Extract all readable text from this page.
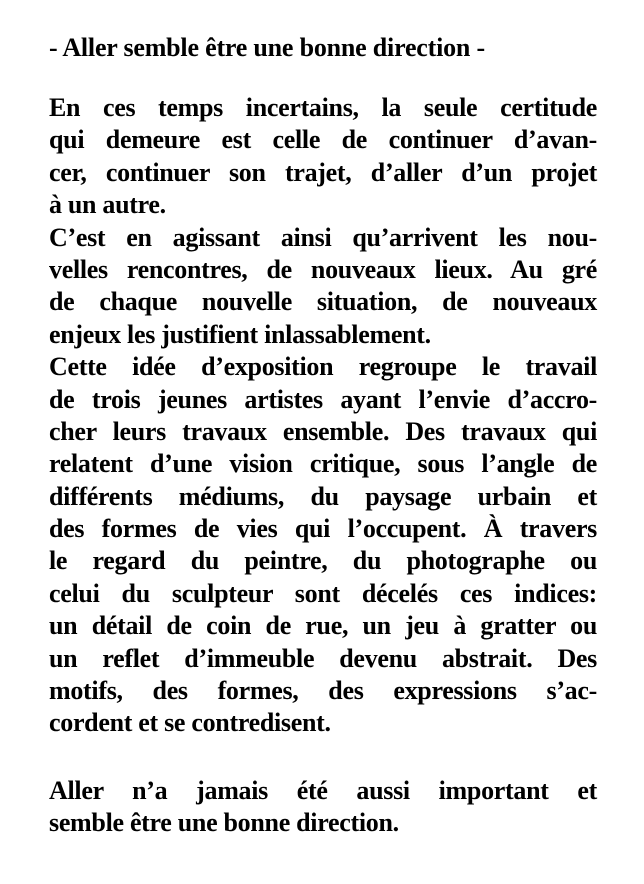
- Aller semble être une bonne direction -
En ces temps incertains, la seule certitude
qui demeure est celle de continuer d’avan-
cer, continuer son trajet, d’aller d’un projet
à un autre.
C’est en agissant ainsi qu’arrivent les nou-
velles rencontres, de nouveaux lieux. Au gré
de chaque nouvelle situation, de nouveaux
enjeux les justifient inlassablement.
Cette idée d’exposition regroupe le travail
de trois jeunes artistes ayant l’envie d’accro-
cher leurs travaux ensemble. Des travaux qui
relatent d’une vision critique, sous l’angle de
différents médiums, du paysage urbain et
des formes de vies qui l’occupent. À travers
le regard du peintre, du photographe ou
celui du sculpteur sont décelés ces indices:
un détail de coin de rue, un jeu à gratter ou
un reflet d’immeuble devenu abstrait. Des
motifs, des formes, des expressions s’ac-
cordent et se contredisent.
Aller n’a jamais été aussi important et
semble être une bonne direction.
